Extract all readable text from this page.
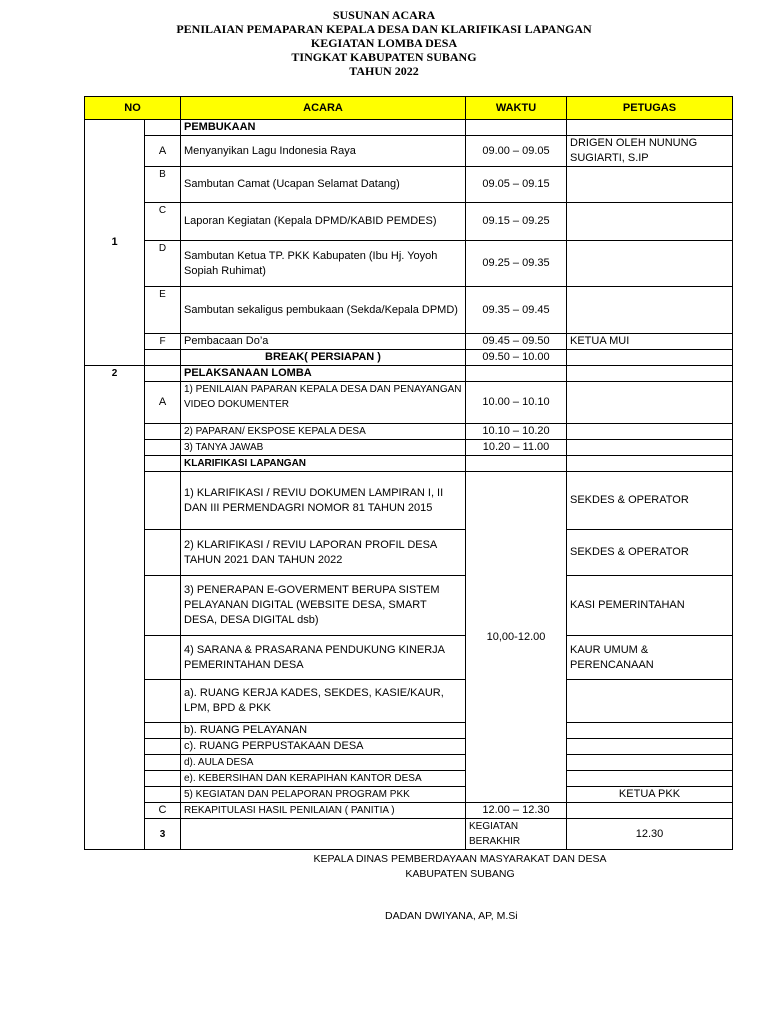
SUSUNAN ACARA
PENILAIAN PEMAPARAN KEPALA DESA DAN KLARIFIKASI LAPANGAN
KEGIATAN LOMBA DESA
TINGKAT KABUPATEN SUBANG
TAHUN 2022
NO		ACARA	WAKTU	PETUGAS	
1		PEMBUKAAN			
	A	Menyanyikan Lagu Indonesia Raya	09.00 – 09.05	DRIGEN OLEH NUNUNG SUGIARTI, S.IP	
	B	Sambutan Camat (Ucapan Selamat Datang)	09.05 – 09.15		
	C	Laporan Kegiatan (Kepala DPMD/KABID PEMDES)	09.15 – 09.25		
	D	Sambutan Ketua TP. PKK Kabupaten (Ibu Hj. Yoyoh Sopiah Ruhimat)	09.25 – 09.35		
	E	Sambutan sekaligus pembukaan (Sekda/Kepala DPMD)	09.35 – 09.45		
	F	Pembacaan Do’a	09.45 – 09.50	KETUA MUI	
		BREAK( PERSIAPAN )	09.50 – 10.00		
2		PELAKSANAAN LOMBA			
	A	1) PENILAIAN PAPARAN KEPALA DESA DAN PENAYANGAN VIDEO DOKUMENTER	10.00 – 10.10		
		2) PAPARAN/ EKSPOSE KEPALA DESA	10.10 – 10.20		
		3) TANYA JAWAB	10.20 – 11.00		
		KLARIFIKASI LAPANGAN			
		1) KLARIFIKASI / REVIU DOKUMEN LAMPIRAN I, II DAN III PERMENDAGRI NOMOR 81 TAHUN 2015	10,00-12.00	SEKDES & OPERATOR	
		2) KLARIFIKASI / REVIU LAPORAN PROFIL DESA TAHUN 2021 DAN TAHUN 2022		SEKDES & OPERATOR	
		3) PENERAPAN E-GOVERMENT BERUPA SISTEM PELAYANAN DIGITAL (WEBSITE DESA, SMART DESA, DESA DIGITAL dsb)		KASI PEMERINTAHAN	
		4) SARANA & PRASARANA PENDUKUNG KINERJA PEMERINTAHAN DESA		KAUR UMUM & PERENCANAAN	
		a). RUANG KERJA KADES, SEKDES, KASIE/KAUR, LPM, BPD & PKK			
		b). RUANG PELAYANAN			
		c). RUANG PERPUSTAKAAN DESA			
		d). AULA DESA			
		e). KEBERSIHAN DAN KERAPIHAN KANTOR DESA			
		5) KEGIATAN DAN PELAPORAN PROGRAM PKK		KETUA PKK	
	C	REKAPITULASI HASIL PENILAIAN ( PANITIA )	12.00 – 12.30		
	3		KEGIATAN BERAKHIR	12.30	
KEPALA DINAS PEMBERDAYAAN MASYARAKAT DAN DESA
KABUPATEN SUBANG
DADAN DWIYANA, AP, M.Si
